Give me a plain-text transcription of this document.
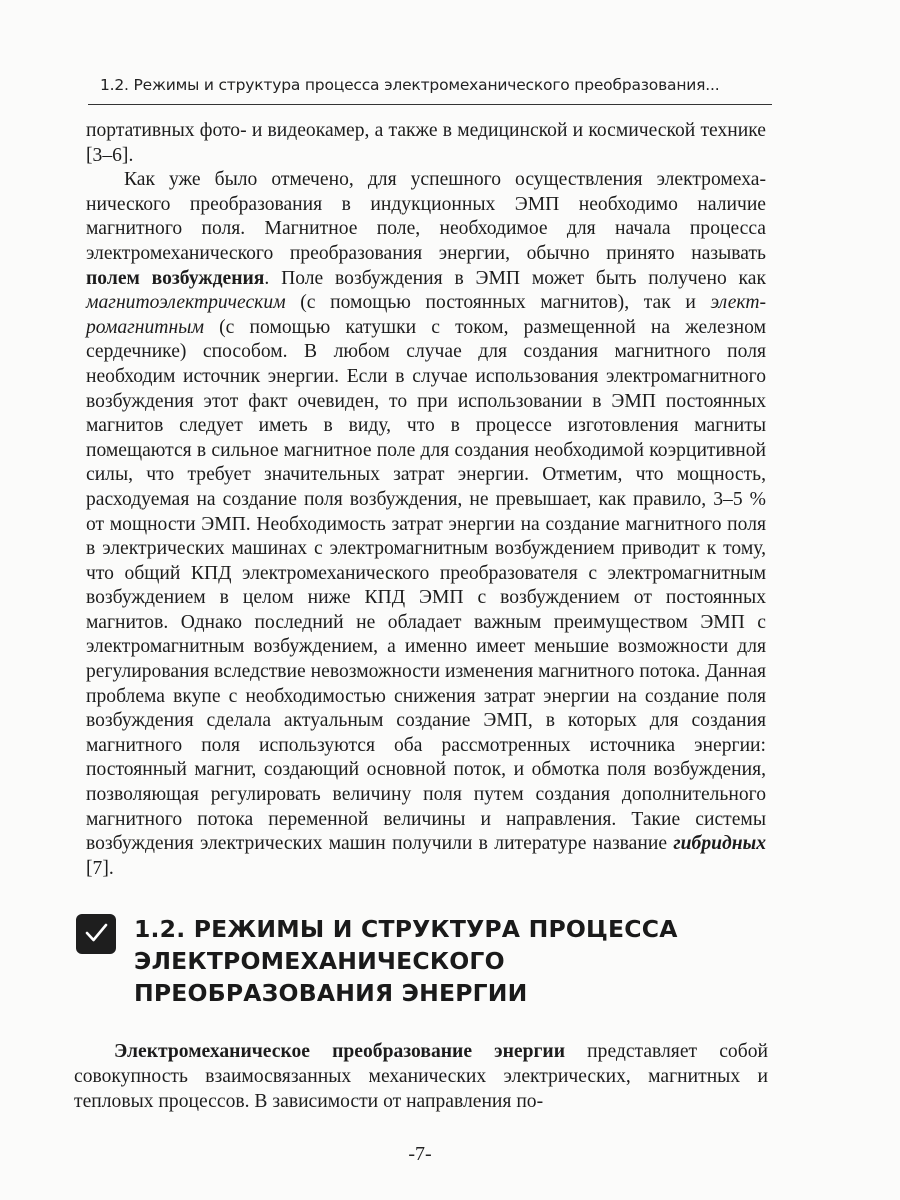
1.2. Режимы и структура процесса электромеханического преобразования...

портативных фото- и видеокамер, а также в медицинской и космической технике [3–6].

Как уже было отмечено, для успешного осуществления электромеханического преобразования в индукционных ЭМП необходимо наличие магнитного поля. Магнитное поле, необходимое для начала процесса электромеханического преобразования энергии, обычно принято называть полем возбуждения. Поле возбуждения в ЭМП может быть получено как магнитоэлектрическим (с помощью постоянных магнитов), так и электромагнитным (с помощью катушки с током, размещенной на железном сердечнике) способом. В любом случае для создания магнитного поля необходим источник энергии. Если в случае использования электромагнитного возбуждения этот факт очевиден, то при использовании в ЭМП постоянных магнитов следует иметь в виду, что в процессе изготовления магниты помещаются в сильное магнитное поле для создания необходимой коэрцитивной силы, что требует значительных затрат энергии. Отметим, что мощность, расходуемая на создание поля возбуждения, не превышает, как правило, 3–5 % от мощности ЭМП. Необходимость затрат энергии на создание магнитного поля в электрических машинах с электромагнитным возбуждением приводит к тому, что общий КПД электромеханического преобразователя с электромагнитным возбуждением в целом ниже КПД ЭМП с возбуждением от постоянных магнитов. Однако последний не обладает важным преимуществом ЭМП с электромагнитным возбуждением, а именно имеет меньшие возможности для регулирования вследствие невозможности изменения магнитного потока. Данная проблема вкупе с необходимостью снижения затрат энергии на создание поля возбуждения сделала актуальным создание ЭМП, в которых для создания магнитного поля используются оба рассмотренных источника энергии: постоянный магнит, создающий основной поток, и обмотка поля возбуждения, позволяющая регулировать величину поля путем создания дополнительного магнитного потока переменной величины и направления. Такие системы возбуждения электрических машин получили в литературе название гибридных [7].

1.2. РЕЖИМЫ И СТРУКТУРА ПРОЦЕССА
ЭЛЕКТРОМЕХАНИЧЕСКОГО
ПРЕОБРАЗОВАНИЯ ЭНЕРГИИ

Электромеханическое преобразование энергии представляет собой совокупность взаимосвязанных механических электрических, магнитных и тепловых процессов. В зависимости от направления по-

-7-
